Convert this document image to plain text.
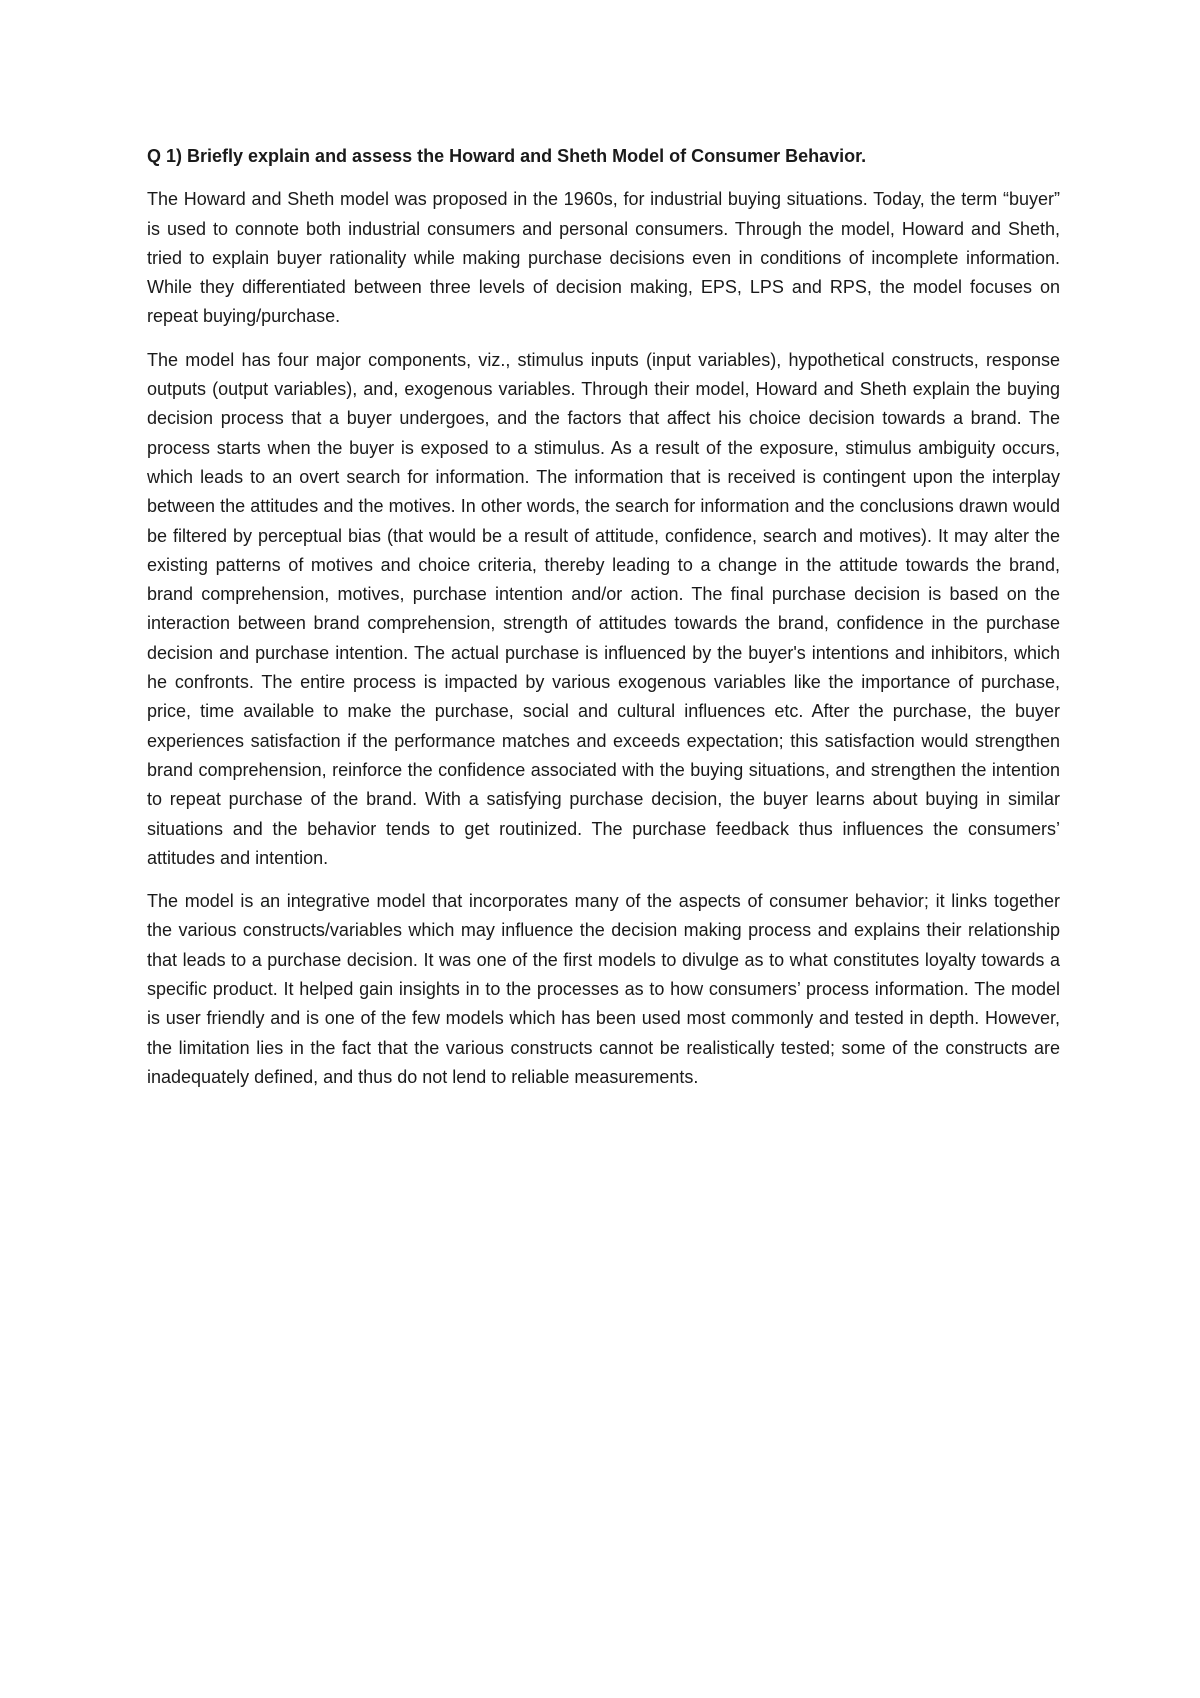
Q 1) Briefly explain and assess the Howard and Sheth Model of Consumer Behavior.

The Howard and Sheth model was proposed in the 1960s, for industrial buying situations. Today, the term “buyer” is used to connote both industrial consumers and personal consumers. Through the model, Howard and Sheth, tried to explain buyer rationality while making purchase decisions even in conditions of incomplete information. While they differentiated between three levels of decision making, EPS, LPS and RPS, the model focuses on repeat buying/purchase.

The model has four major components, viz., stimulus inputs (input variables), hypothetical constructs, response outputs (output variables), and, exogenous variables. Through their model, Howard and Sheth explain the buying decision process that a buyer undergoes, and the factors that affect his choice decision towards a brand. The process starts when the buyer is exposed to a stimulus. As a result of the exposure, stimulus ambiguity occurs, which leads to an overt search for information. The information that is received is contingent upon the interplay between the attitudes and the motives. In other words, the search for information and the conclusions drawn would be filtered by perceptual bias (that would be a result of attitude, confidence, search and motives). It may alter the existing patterns of motives and choice criteria, thereby leading to a change in the attitude towards the brand, brand comprehension, motives, purchase intention and/or action. The final purchase decision is based on the interaction between brand comprehension, strength of attitudes towards the brand, confidence in the purchase decision and purchase intention. The actual purchase is influenced by the buyer's intentions and inhibitors, which he confronts. The entire process is impacted by various exogenous variables like the importance of purchase, price, time available to make the purchase, social and cultural influences etc. After the purchase, the buyer experiences satisfaction if the performance matches and exceeds expectation; this satisfaction would strengthen brand comprehension, reinforce the confidence associated with the buying situations, and strengthen the intention to repeat purchase of the brand. With a satisfying purchase decision, the buyer learns about buying in similar situations and the behavior tends to get routinized. The purchase feedback thus influences the consumers’ attitudes and intention.

The model is an integrative model that incorporates many of the aspects of consumer behavior; it links together the various constructs/variables which may influence the decision making process and explains their relationship that leads to a purchase decision. It was one of the first models to divulge as to what constitutes loyalty towards a specific product. It helped gain insights in to the processes as to how consumers’ process information. The model is user friendly and is one of the few models which has been used most commonly and tested in depth. However, the limitation lies in the fact that the various constructs cannot be realistically tested; some of the constructs are inadequately defined, and thus do not lend to reliable measurements.
